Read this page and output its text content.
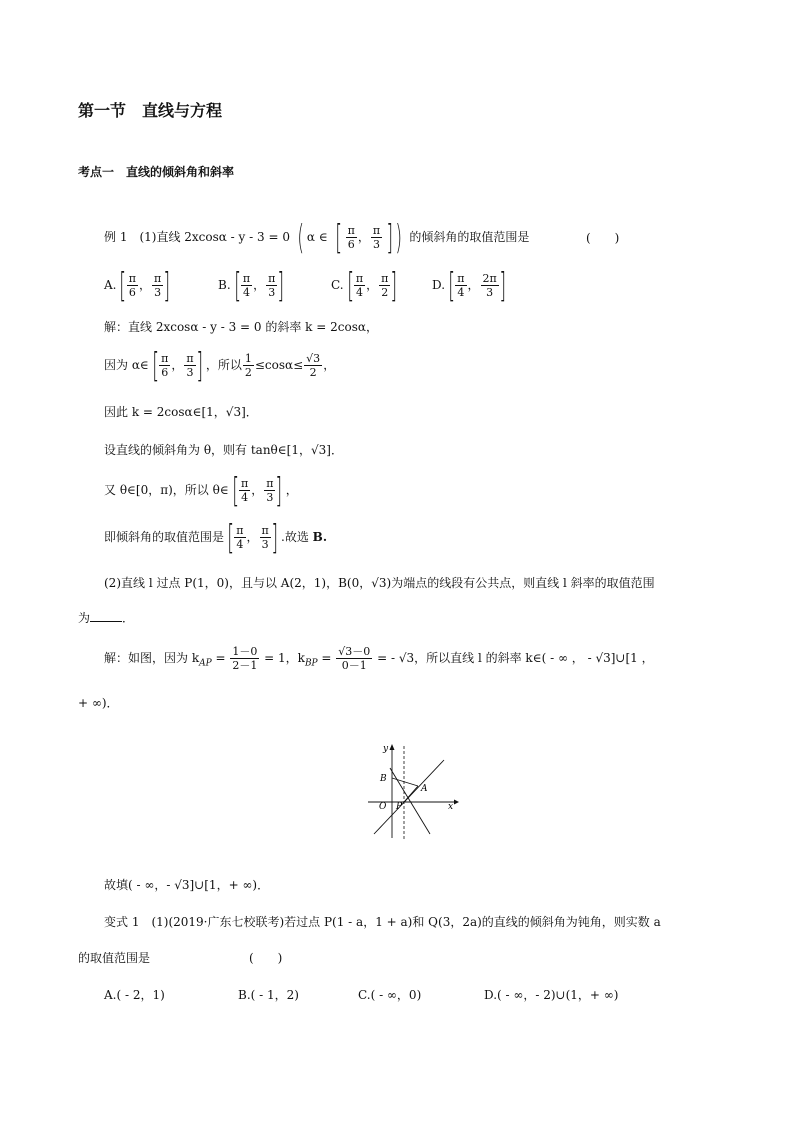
第一节　直线与方程
考点一　直线的倾斜角和斜率
例 1　(1)直线 2xcosα - y - 3 = 0 ( α ∈ [ $\frac{\pi}{6}$ ， $\frac{\pi}{3}$ ]) 的倾斜角的取值范围是	(　　)
$A.[ \frac{\pi}{6}$ ， $\frac{\pi}{3}$ ]	$B.[ \frac{\pi}{4}$ ， $\frac{\pi}{3}$ ]	$C.[ \frac{\pi}{4}$ ， $\frac{\pi}{2}$ ]	$D.[ \frac{\pi}{4}$ ， $\frac{2\pi}{3}$ ]
解：直线 2xcosα - y - 3 = 0 的斜率 k = 2cosα，
因为 α∈[ $\frac{\pi}{6}$ ， $\frac{\pi}{3}$ ] ，所以 $\frac{1}{2} \le\cos\alpha\le \frac{√3}{2}$ ，
因此 k = 2cosα∈[1，√3]．
设直线的倾斜角为 θ，则有 tanθ∈[1，√3]．
又 θ∈[0，π)，所以 θ∈[ $\frac{\pi}{4}$ ， $\frac{\pi}{3}$ ] ，
即倾斜角的取值范围是[ $\frac{\pi}{4}$ ， $\frac{\pi}{3}$ ] .故选 B.
(2)直线 l 过点 P(1，0)，且与以 A(2，1)，B(0，√3)为端点的线段有公共点，则直线 l 斜率的取值范围
为	．
解：如图，因为 $k_{AP} = \frac{1-0}{2-1} = 1$，$k_{BP} = \frac{√3-0}{0-1}$ = - √3，所以直线 l 的斜率 k∈( - ∞ ， - √3]∪[1 ，
+ ∞)．
y
x
O P
A
B
故填( - ∞，- √3]∪[1，+ ∞)．
变式 1　(1)(2019·广东七校联考)若过点 P(1 - a，1 + a)和 Q(3，2a)的直线的倾斜角为钝角，则实数 a
的取值范围是	(　　)
A.( - 2，1)	B.( - 1，2)	C.( - ∞，0)	D.( - ∞，- 2)∪(1，+ ∞)
